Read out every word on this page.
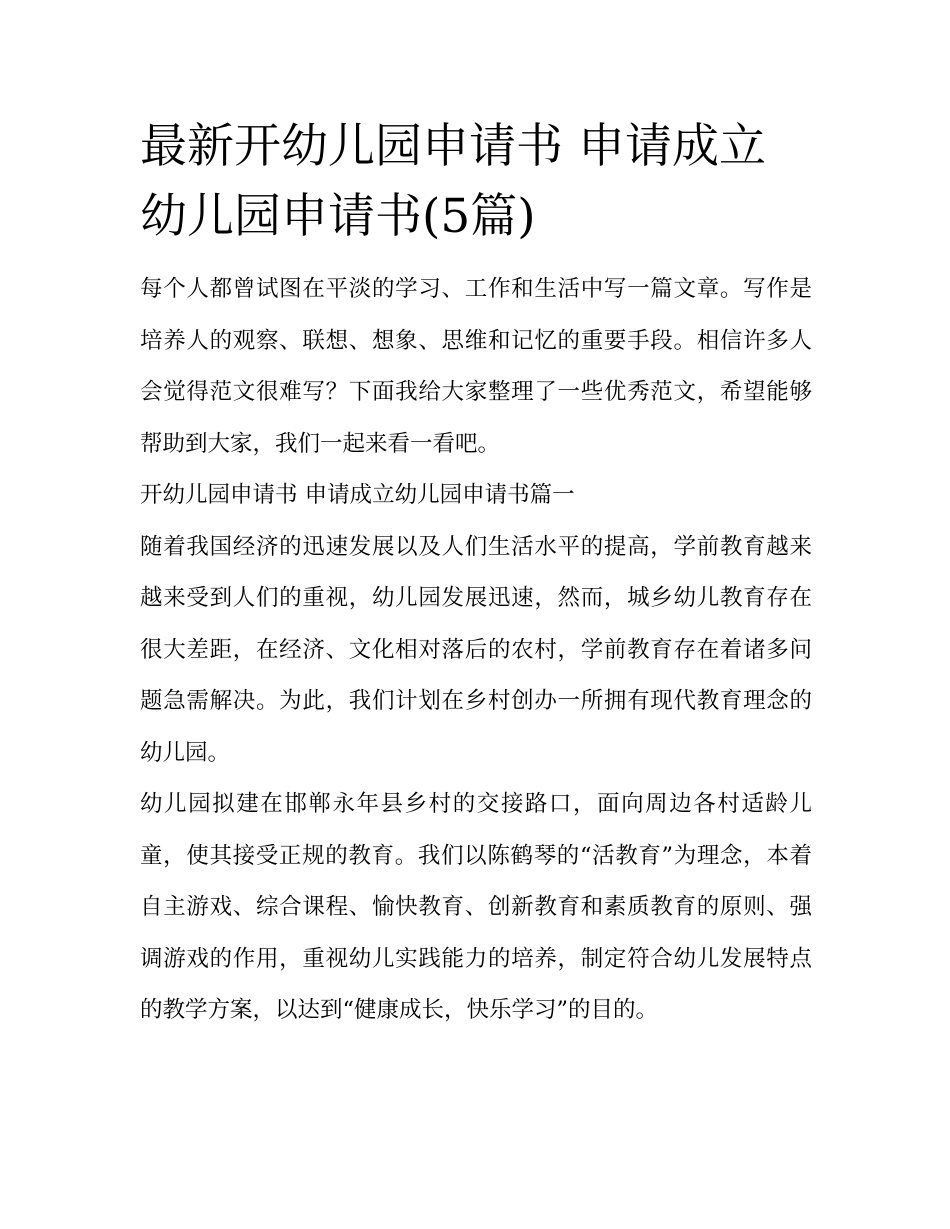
最新开幼儿园申请书 申请成立幼儿园申请书(5篇)

每个人都曾试图在平淡的学习、工作和生活中写一篇文章。写作是培养人的观察、联想、想象、思维和记忆的重要手段。相信许多人会觉得范文很难写？下面我给大家整理了一些优秀范文，希望能够帮助到大家，我们一起来看一看吧。

开幼儿园申请书 申请成立幼儿园申请书篇一

随着我国经济的迅速发展以及人们生活水平的提高，学前教育越来越来受到人们的重视，幼儿园发展迅速，然而，城乡幼儿教育存在很大差距，在经济、文化相对落后的农村，学前教育存在着诸多问题急需解决。为此，我们计划在乡村创办一所拥有现代教育理念的幼儿园。

幼儿园拟建在邯郸永年县乡村的交接路口，面向周边各村适龄儿童，使其接受正规的教育。我们以陈鹤琴的“活教育”为理念，本着自主游戏、综合课程、愉快教育、创新教育和素质教育的原则、强调游戏的作用，重视幼儿实践能力的培养，制定符合幼儿发展特点的教学方案，以达到“健康成长，快乐学习”的目的。
